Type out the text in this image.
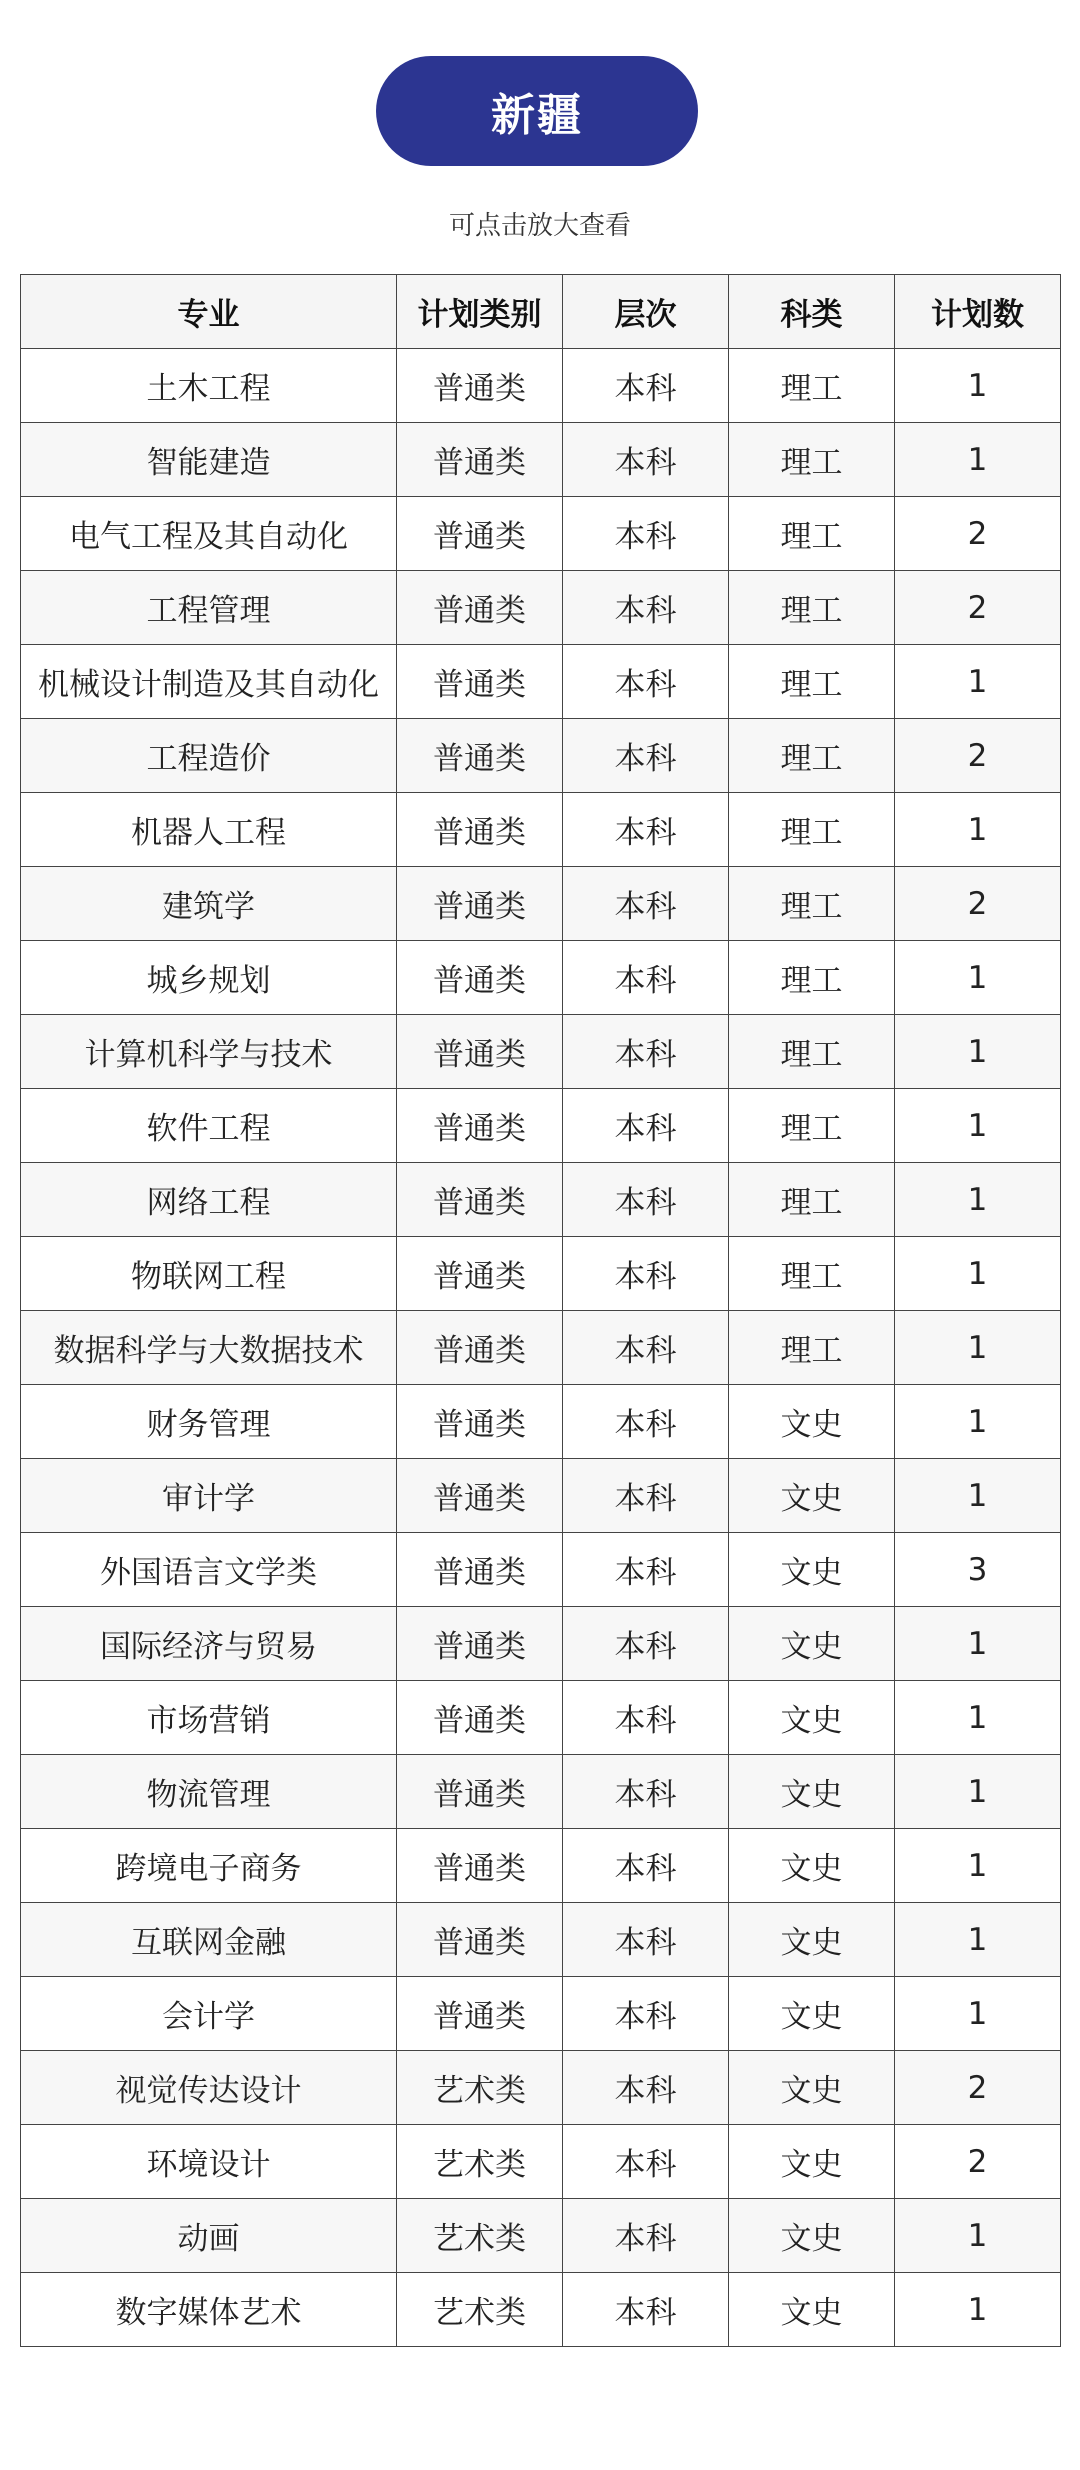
新疆
可点击放大查看
专业	计划类别	层次	科类	计划数
土木工程	普通类	本科	理工	1
智能建造	普通类	本科	理工	1
电气工程及其自动化	普通类	本科	理工	2
工程管理	普通类	本科	理工	2
机械设计制造及其自动化	普通类	本科	理工	1
工程造价	普通类	本科	理工	2
机器人工程	普通类	本科	理工	1
建筑学	普通类	本科	理工	2
城乡规划	普通类	本科	理工	1
计算机科学与技术	普通类	本科	理工	1
软件工程	普通类	本科	理工	1
网络工程	普通类	本科	理工	1
物联网工程	普通类	本科	理工	1
数据科学与大数据技术	普通类	本科	理工	1
财务管理	普通类	本科	文史	1
审计学	普通类	本科	文史	1
外国语言文学类	普通类	本科	文史	3
国际经济与贸易	普通类	本科	文史	1
市场营销	普通类	本科	文史	1
物流管理	普通类	本科	文史	1
跨境电子商务	普通类	本科	文史	1
互联网金融	普通类	本科	文史	1
会计学	普通类	本科	文史	1
视觉传达设计	艺术类	本科	文史	2
环境设计	艺术类	本科	文史	2
动画	艺术类	本科	文史	1
数字媒体艺术	艺术类	本科	文史	1
